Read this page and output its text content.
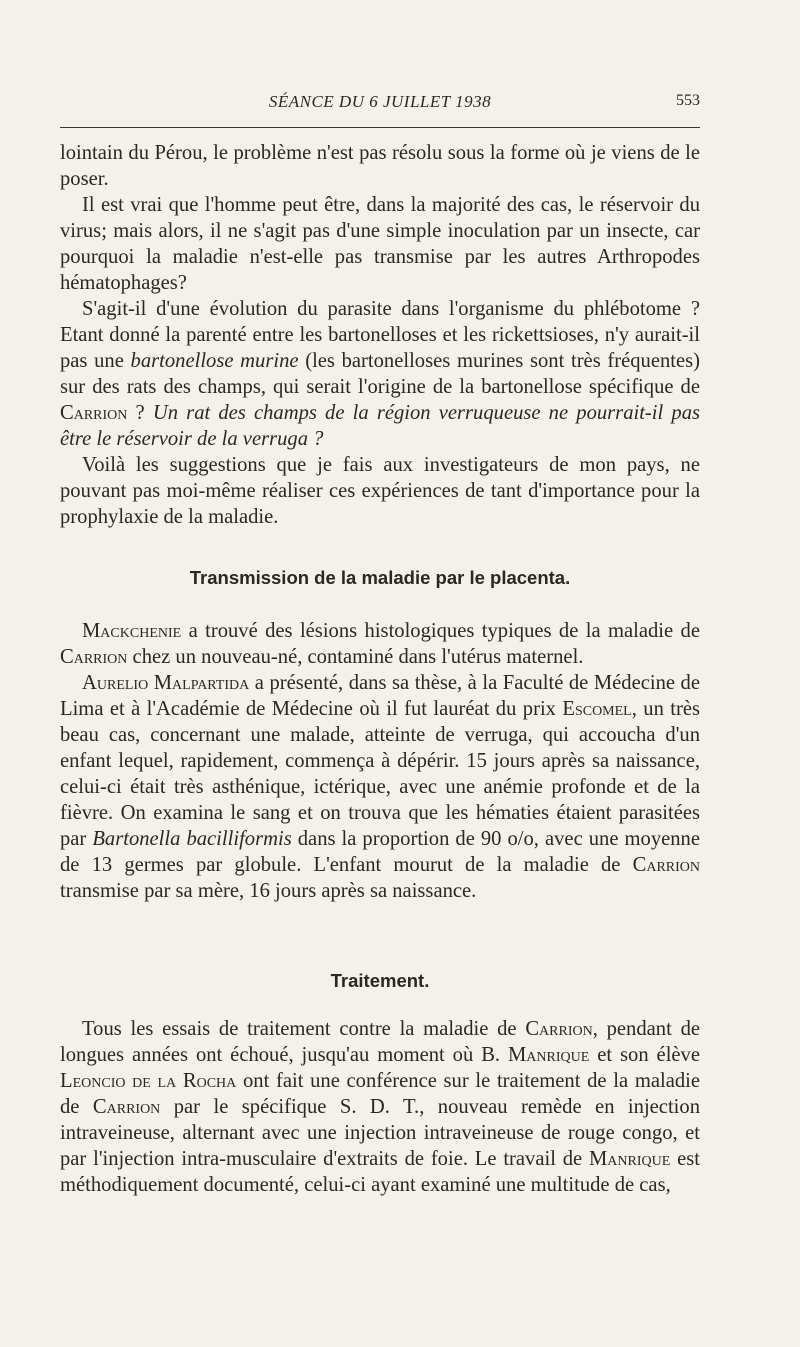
SÉANCE DU 6 JUILLET 1938	553

lointain du Pérou, le problème n'est pas résolu sous la forme où je viens de le poser.

Il est vrai que l'homme peut être, dans la majorité des cas, le réservoir du virus; mais alors, il ne s'agit pas d'une simple inoculation par un insecte, car pourquoi la maladie n'est-elle pas transmise par les autres Arthropodes hématophages?

S'agit-il d'une évolution du parasite dans l'organisme du phlébotome ? Etant donné la parenté entre les bartonelloses et les rickettsioses, n'y aurait-il pas une bartonellose murine (les bartonelloses murines sont très fréquentes) sur des rats des champs, qui serait l'origine de la bartonellose spécifique de Carrion ? Un rat des champs de la région verruqueuse ne pourrait-il pas être le réservoir de la verruga ?

Voilà les suggestions que je fais aux investigateurs de mon pays, ne pouvant pas moi-même réaliser ces expériences de tant d'importance pour la prophylaxie de la maladie.

Transmission de la maladie par le placenta.

Mackchenie a trouvé des lésions histologiques typiques de la maladie de Carrion chez un nouveau-né, contaminé dans l'utérus maternel.

Aurelio Malpartida a présenté, dans sa thèse, à la Faculté de Médecine de Lima et à l'Académie de Médecine où il fut lauréat du prix Escomel, un très beau cas, concernant une malade, atteinte de verruga, qui accoucha d'un enfant lequel, rapidement, commença à dépérir. 15 jours après sa naissance, celui-ci était très asthénique, ictérique, avec une anémie profonde et de la fièvre. On examina le sang et on trouva que les hématies étaient parasitées par Bartonella bacilliformis dans la proportion de 90 o/o, avec une moyenne de 13 germes par globule. L'enfant mourut de la maladie de Carrion transmise par sa mère, 16 jours après sa naissance.

Traitement.

Tous les essais de traitement contre la maladie de Carrion, pendant de longues années ont échoué, jusqu'au moment où B. Manrique et son élève Leoncio de la Rocha ont fait une conférence sur le traitement de la maladie de Carrion par le spécifique S. D. T., nouveau remède en injection intraveineuse, alternant avec une injection intraveineuse de rouge congo, et par l'injection intra-musculaire d'extraits de foie. Le travail de Manrique est méthodiquement documenté, celui-ci ayant examiné une multitude de cas,
